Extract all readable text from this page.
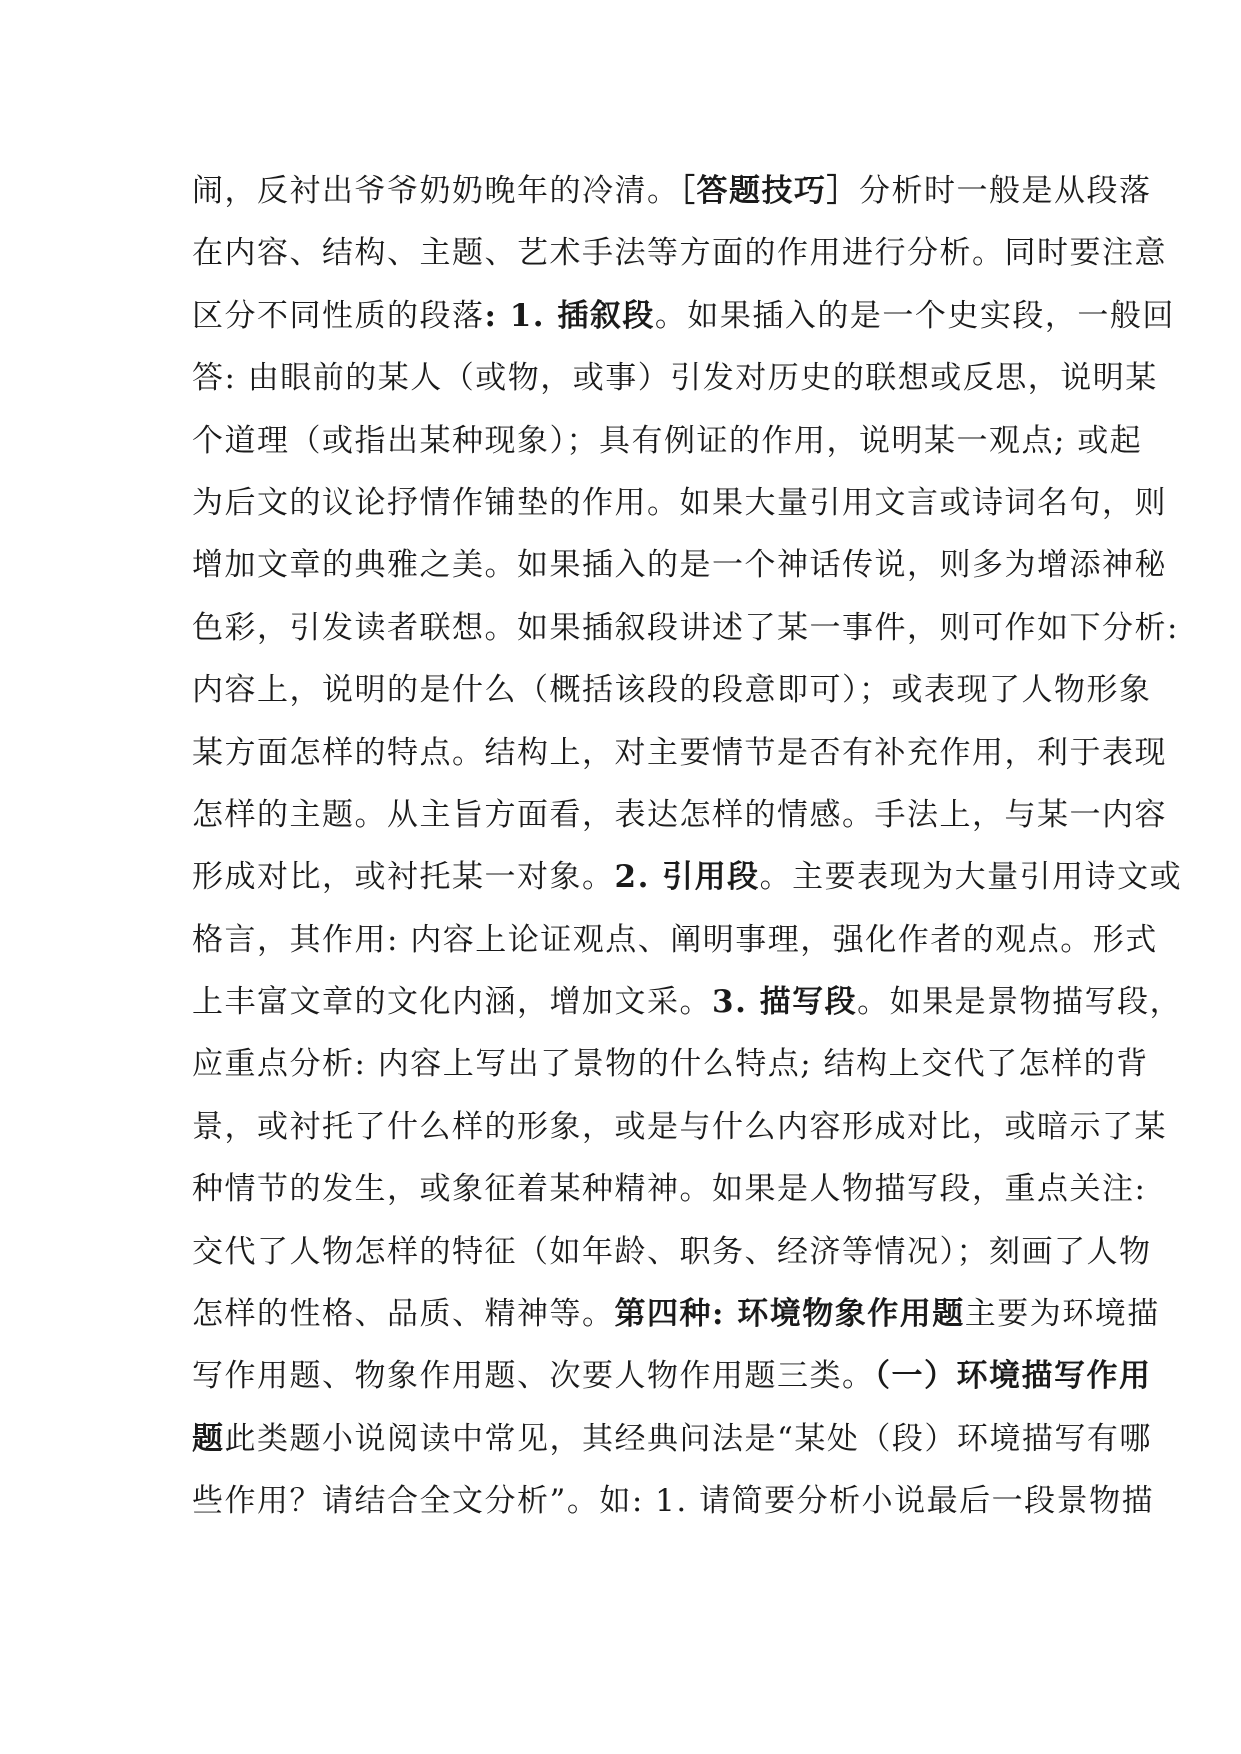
闹，反衬出爷爷奶奶晚年的冷清。［答题技巧］分析时一般是从段落
在内容、结构、主题、艺术手法等方面的作用进行分析。同时要注意
区分不同性质的段落: 1. 插叙段。如果插入的是一个史实段，一般回
答: 由眼前的某人（或物，或事）引发对历史的联想或反思，说明某
个道理（或指出某种现象）；具有例证的作用，说明某一观点; 或起
为后文的议论抒情作铺垫的作用。如果大量引用文言或诗词名句，则
增加文章的典雅之美。如果插入的是一个神话传说，则多为增添神秘
色彩，引发读者联想。如果插叙段讲述了某一事件，则可作如下分析:
内容上，说明的是什么（概括该段的段意即可）；或表现了人物形象
某方面怎样的特点。结构上，对主要情节是否有补充作用，利于表现
怎样的主题。从主旨方面看，表达怎样的情感。手法上，与某一内容
形成对比，或衬托某一对象。2. 引用段。主要表现为大量引用诗文或
格言，其作用: 内容上论证观点、阐明事理，强化作者的观点。形式
上丰富文章的文化内涵，增加文采。3. 描写段。如果是景物描写段，
应重点分析: 内容上写出了景物的什么特点; 结构上交代了怎样的背
景，或衬托了什么样的形象，或是与什么内容形成对比，或暗示了某
种情节的发生，或象征着某种精神。如果是人物描写段，重点关注:
交代了人物怎样的特征（如年龄、职务、经济等情况）；刻画了人物
怎样的性格、品质、精神等。第四种: 环境物象作用题主要为环境描
写作用题、物象作用题、次要人物作用题三类。（一）环境描写作用
题此类题小说阅读中常见，其经典问法是“某处（段）环境描写有哪
些作用？请结合全文分析”。如: 1. 请简要分析小说最后一段景物描
